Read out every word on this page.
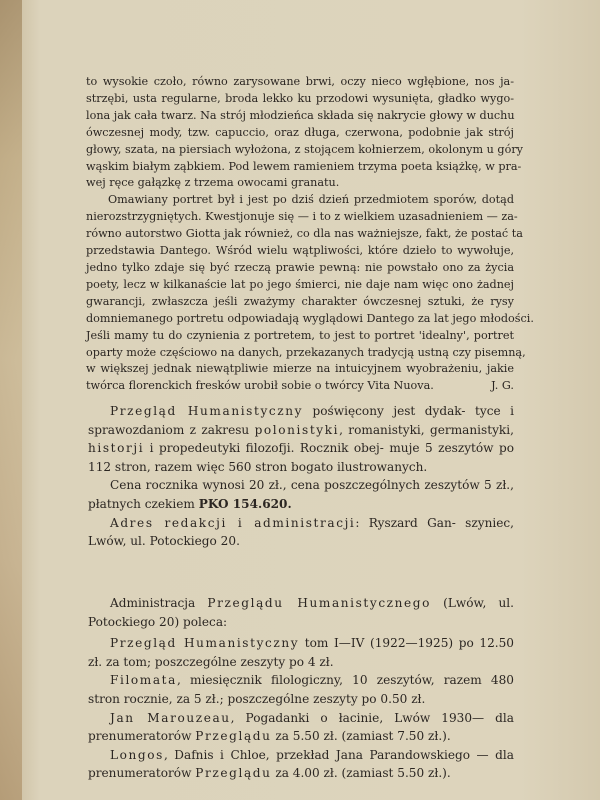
to wysokie czoło, równo zarysowane brwi, oczy nieco wgłębione, nos ja-
strzębi, usta regularne, broda lekko ku przodowi wysunięta, gładko wygo-
lona jak cała twarz. Na strój młodzieńca składa się nakrycie głowy w duchu
ówczesnej mody, tzw. capuccio, oraz długa, czerwona, podobnie jak strój
głowy, szata, na piersiach wyłożona, z stojącem kołnierzem, okolonym u góry
wąskim białym ząbkiem. Pod lewem ramieniem trzyma poeta książkę, w pra-
wej ręce gałązkę z trzema owocami granatu.

Omawiany portret był i jest po dziś dzień przedmiotem sporów, dotąd
nierozstrzygniętych. Kwestjonuje się — i to z wielkiem uzasadnieniem — za-
równo autorstwo Giotta jak również, co dla nas ważniejsze, fakt, że postać ta
przedstawia Dantego. Wśród wielu wątpliwości, które dzieło to wywołuje,
jedno tylko zdaje się być rzeczą prawie pewną: nie powstało ono za życia
poety, lecz w kilkanaście lat po jego śmierci, nie daje nam więc ono żadnej
gwarancji, zwłaszcza jeśli zważymy charakter ówczesnej sztuki, że rysy
domniemanego portretu odpowiadają wyglądowi Dantego za lat jego młodości.
Jeśli mamy tu do czynienia z portretem, to jest to portret 'idealny', portret
oparty może częściowo na danych, przekazanych tradycją ustną czy pisemną,
w większej jednak niewątpliwie mierze na intuicyjnem wyobrażeniu, jakie
twórca florenckich fresków urobił sobie o twórcy Vita Nuova.	J. G.

Przegląd Humanistyczny poświęcony jest dydak- tyce i sprawozdaniom z zakresu polonistyki, romanistyki, germanistyki, historji i propedeutyki filozofji. Rocznik obej- muje 5 zeszytów po 112 stron, razem więc 560 stron bogato ilustrowanych.

Cena rocznika wynosi 20 zł., cena poszczególnych zeszytów 5 zł., płatnych czekiem PKO 154.620.

Adres redakcji i administracji: Ryszard Gan- szyniec, Lwów, ul. Potockiego 20.

Administracja Przeglądu Humanistycznego (Lwów, ul. Potockiego 20) poleca:

Przegląd Humanistyczny tom I—IV (1922—1925) po 12.50 zł. za tom; poszczególne zeszyty po 4 zł.

Filomata, miesięcznik filologiczny, 10 zeszytów, razem 480 stron rocznie, za 5 zł.; poszczególne zeszyty po 0.50 zł.

Jan Marouzeau, Pogadanki o łacinie, Lwów 1930— dla prenumeratorów Przeglądu za 5.50 zł. (zamiast 7.50 zł.).

Longos, Dafnis i Chloe, przekład Jana Parandowskiego — dla prenumeratorów Przeglądu za 4.00 zł. (zamiast 5.50 zł.).
